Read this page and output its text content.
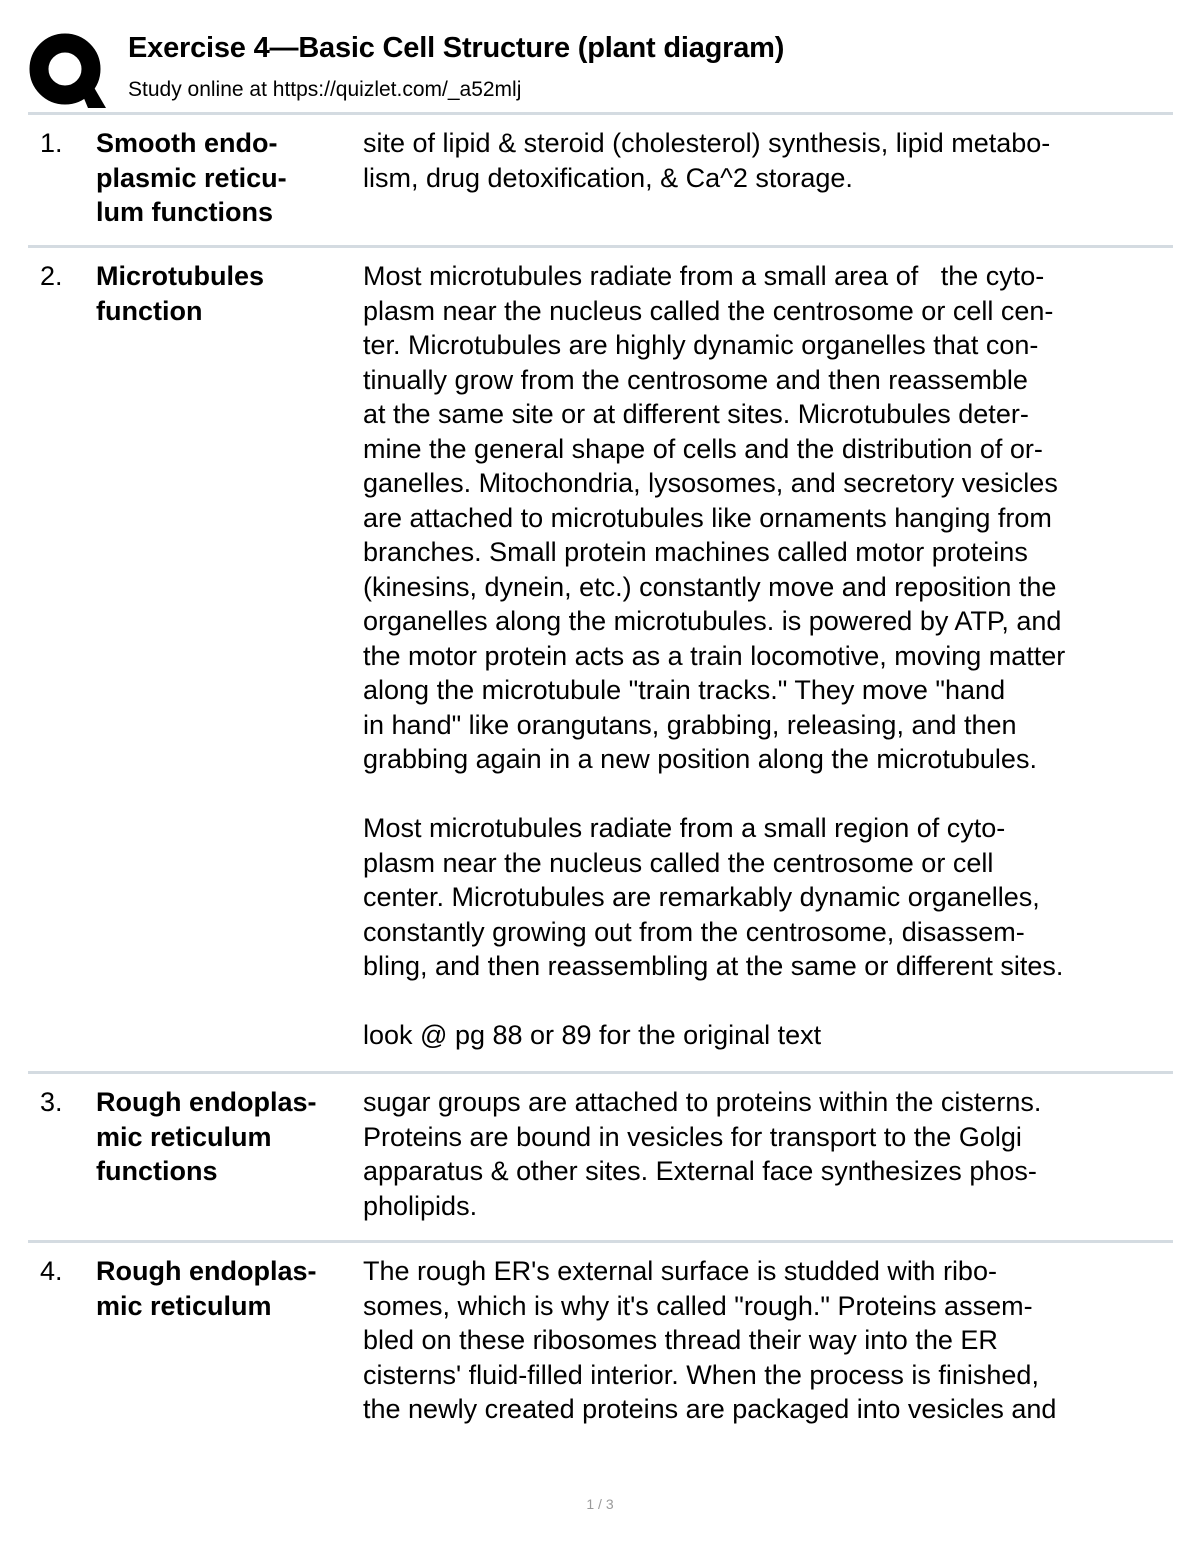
Exercise 4—Basic Cell Structure (plant diagram)
Study online at https://quizlet.com/_a52mlj
1. Smooth endo-
plasmic reticu-
lum functions
site of lipid & steroid (cholesterol) synthesis, lipid metabo-
lism, drug detoxification, & Ca^2 storage.
2. Microtubules
function
Most microtubules radiate from a small area of   the cyto-
plasm near the nucleus called the centrosome or cell cen-
ter. Microtubules are highly dynamic organelles that con-
tinually grow from the centrosome and then reassemble
at the same site or at different sites. Microtubules deter-
mine the general shape of cells and the distribution of or-
ganelles. Mitochondria, lysosomes, and secretory vesicles
are attached to microtubules like ornaments hanging from
branches. Small protein machines called motor proteins
(kinesins, dynein, etc.) constantly move and reposition the
organelles along the microtubules. is powered by ATP, and
the motor protein acts as a train locomotive, moving matter
along the microtubule "train tracks." They move "hand
in hand" like orangutans, grabbing, releasing, and then
grabbing again in a new position along the microtubules.
Most microtubules radiate from a small region of cyto-
plasm near the nucleus called the centrosome or cell
center. Microtubules are remarkably dynamic organelles,
constantly growing out from the centrosome, disassem-
bling, and then reassembling at the same or different sites.
look @ pg 88 or 89 for the original text
3. Rough endoplas-
mic reticulum
functions
sugar groups are attached to proteins within the cisterns.
Proteins are bound in vesicles for transport to the Golgi
apparatus & other sites. External face synthesizes phos-
pholipids.
4. Rough endoplas-
mic reticulum
The rough ER's external surface is studded with ribo-
somes, which is why it's called "rough." Proteins assem-
bled on these ribosomes thread their way into the ER
cisterns' fluid-filled interior. When the process is finished,
the newly created proteins are packaged into vesicles and
1 / 3
